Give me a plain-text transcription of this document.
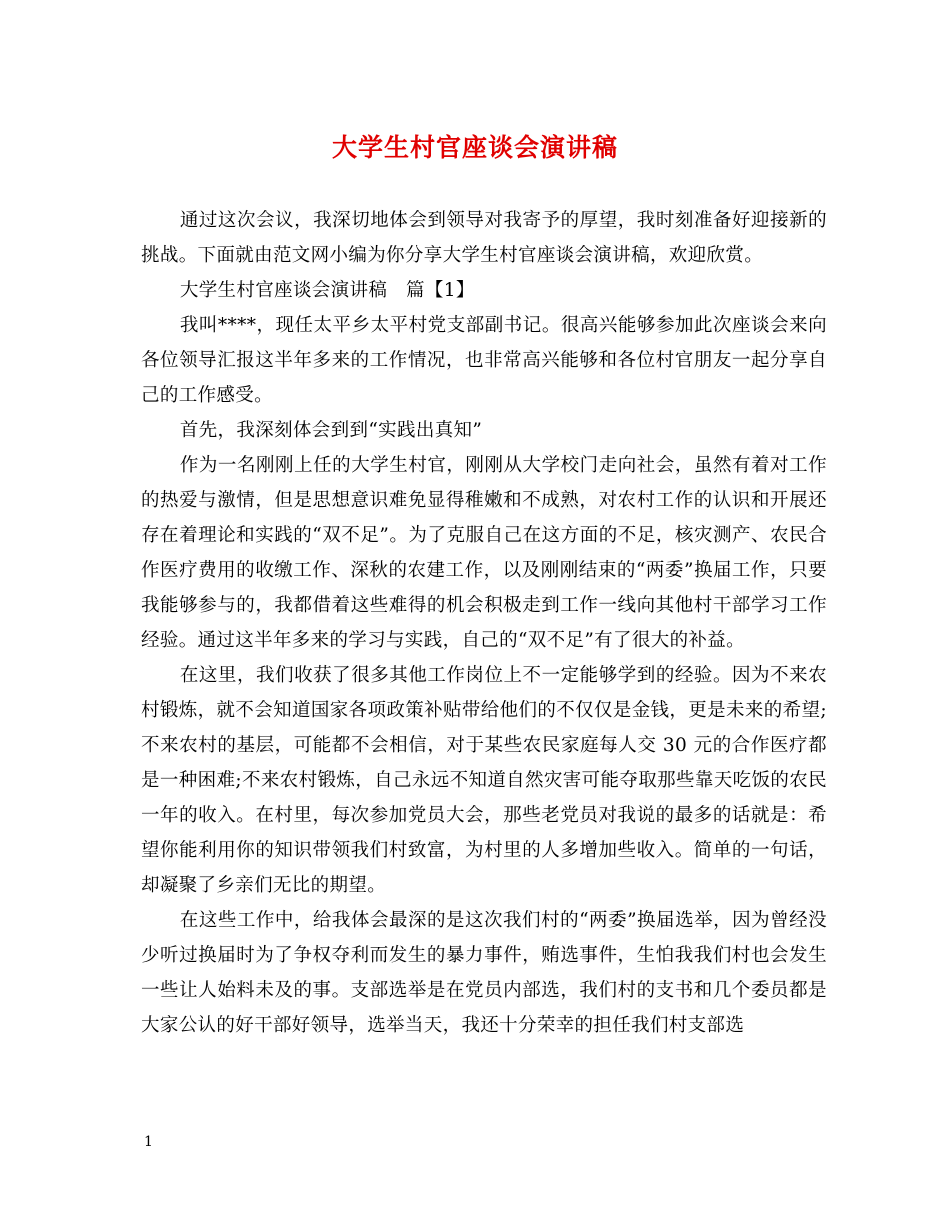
大学生村官座谈会演讲稿

通过这次会议，我深切地体会到领导对我寄予的厚望，我时刻准备好迎接新的挑战。下面就由范文网小编为你分享大学生村官座谈会演讲稿，欢迎欣赏。

大学生村官座谈会演讲稿　篇【1】

我叫****，现任太平乡太平村党支部副书记。很高兴能够参加此次座谈会来向各位领导汇报这半年多来的工作情况，也非常高兴能够和各位村官朋友一起分享自己的工作感受。

首先，我深刻体会到到“实践出真知”

作为一名刚刚上任的大学生村官，刚刚从大学校门走向社会，虽然有着对工作的热爱与激情，但是思想意识难免显得稚嫩和不成熟，对农村工作的认识和开展还存在着理论和实践的“双不足”。为了克服自己在这方面的不足，核灾测产、农民合作医疗费用的收缴工作、深秋的农建工作，以及刚刚结束的“两委”换届工作，只要我能够参与的，我都借着这些难得的机会积极走到工作一线向其他村干部学习工作经验。通过这半年多来的学习与实践，自己的“双不足”有了很大的补益。

在这里，我们收获了很多其他工作岗位上不一定能够学到的经验。因为不来农村锻炼，就不会知道国家各项政策补贴带给他们的不仅仅是金钱，更是未来的希望;不来农村的基层，可能都不会相信，对于某些农民家庭每人交 30 元的合作医疗都是一种困难;不来农村锻炼，自己永远不知道自然灾害可能夺取那些靠天吃饭的农民一年的收入。在村里，每次参加党员大会，那些老党员对我说的最多的话就是：希望你能利用你的知识带领我们村致富，为村里的人多增加些收入。简单的一句话，却凝聚了乡亲们无比的期望。

在这些工作中，给我体会最深的是这次我们村的“两委”换届选举，因为曾经没少听过换届时为了争权夺利而发生的暴力事件，贿选事件，生怕我我们村也会发生一些让人始料未及的事。支部选举是在党员内部选，我们村的支书和几个委员都是大家公认的好干部好领导，选举当天，我还十分荣幸的担任我们村支部选

1
